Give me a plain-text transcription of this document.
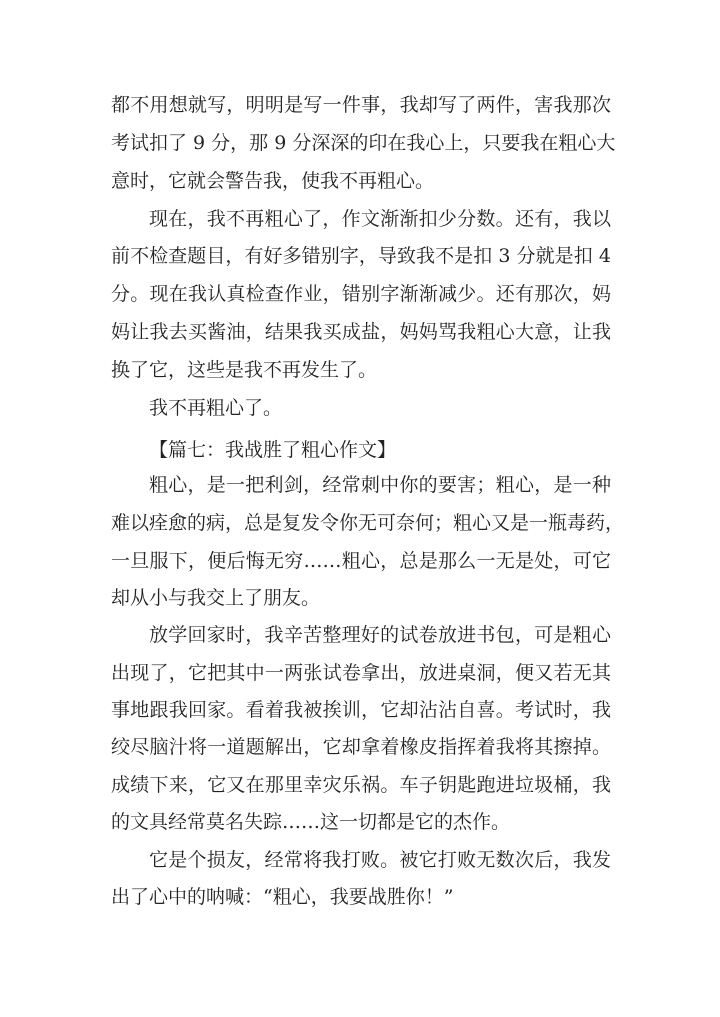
都不用想就写，明明是写一件事，我却写了两件，害我那次
考试扣了 9 分，那 9 分深深的印在我心上，只要我在粗心大
意时，它就会警告我，使我不再粗心。
现在，我不再粗心了，作文渐渐扣少分数。还有，我以
前不检查题目，有好多错别字，导致我不是扣 3 分就是扣 4
分。现在我认真检查作业，错别字渐渐减少。还有那次，妈
妈让我去买酱油，结果我买成盐，妈妈骂我粗心大意，让我
换了它，这些是我不再发生了。
我不再粗心了。
【篇七：我战胜了粗心作文】
粗心，是一把利剑，经常刺中你的要害；粗心，是一种
难以痊愈的病，总是复发令你无可奈何；粗心又是一瓶毒药，
一旦服下，便后悔无穷……粗心，总是那么一无是处，可它
却从小与我交上了朋友。
放学回家时，我辛苦整理好的试卷放进书包，可是粗心
出现了，它把其中一两张试卷拿出，放进桌洞，便又若无其
事地跟我回家。看着我被挨训，它却沾沾自喜。考试时，我
绞尽脑汁将一道题解出，它却拿着橡皮指挥着我将其擦掉。
成绩下来，它又在那里幸灾乐祸。车子钥匙跑进垃圾桶，我
的文具经常莫名失踪……这一切都是它的杰作。
它是个损友，经常将我打败。被它打败无数次后，我发
出了心中的呐喊：“粗心，我要战胜你！”
